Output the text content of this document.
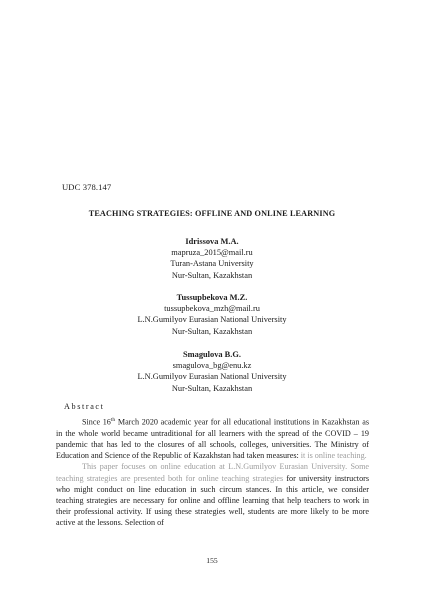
UDC 378.147
TEACHING STRATEGIES: OFFLINE AND ONLINE LEARNING
Idrissova M.A.
mapruza_2015@mail.ru
Turan-Astana University
Nur-Sultan, Kazakhstan
Tussupbekova M.Z.
tussupbekova_mzh@mail.ru
L.N.Gumilyov Eurasian National University
Nur-Sultan, Kazakhstan
Smagulova B.G.
smagulova_bg@enu.kz
L.N.Gumilyov Eurasian National University
Nur-Sultan, Kazakhstan
Abstract

Since 16th March 2020 academic year for all educational institutions in Kazakhstan as in the whole world became untraditional for all learners with the spread of the COVID – 19 pandemic that has led to the closures of all schools, colleges, universities. The Ministry of Education and Science of the Republic of Kazakhstan had taken measures: it is online teaching.

This paper focuses on online education at L.N.Gumilyov Eurasian University. Some teaching strategies are presented both for online teaching strategies for university instructors who might conduct on line education in such circum stances. In this article, we consider teaching strategies are necessary for online and offline learning that help teachers to work in their professional activity. If using these strategies well, students are more likely to be more active at the lessons. Selection of

155
